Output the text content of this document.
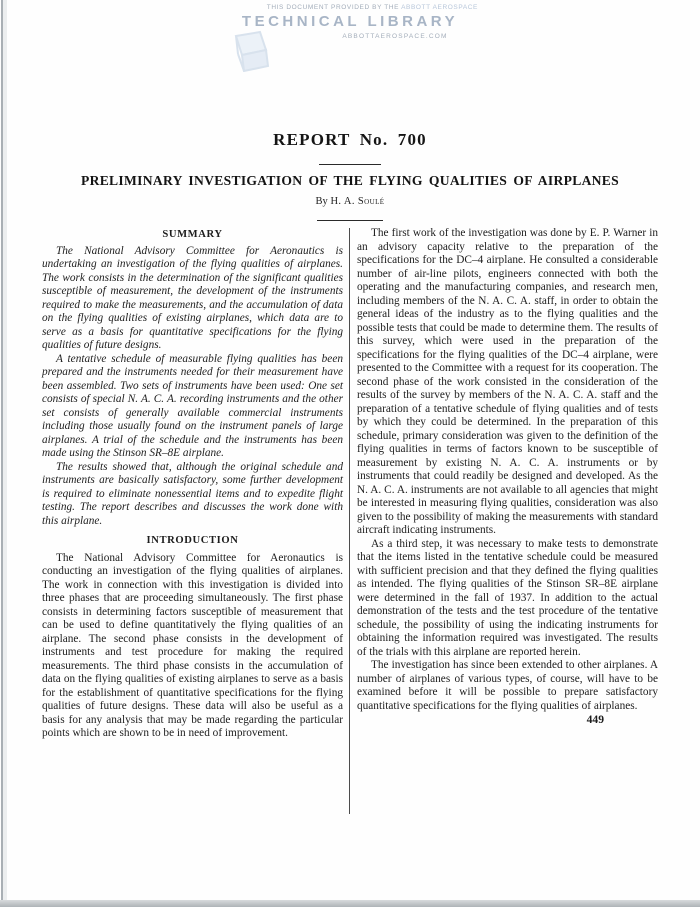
THIS DOCUMENT PROVIDED BY THE ABBOTT AEROSPACE
TECHNICAL LIBRARY
ABBOTTAEROSPACE.COM
REPORT No. 700
PRELIMINARY INVESTIGATION OF THE FLYING QUALITIES OF AIRPLANES
By H. A. Soulé

SUMMARY

The National Advisory Committee for Aeronautics is undertaking an investigation of the flying qualities of airplanes. The work consists in the determination of the significant qualities susceptible of measurement, the development of the instruments required to make the measurements, and the accumulation of data on the flying qualities of existing airplanes, which data are to serve as a basis for quantitative specifications for the flying qualities of future designs.

A tentative schedule of measurable flying qualities has been prepared and the instruments needed for their measurement have been assembled. Two sets of instruments have been used: One set consists of special N. A. C. A. recording instruments and the other set consists of generally available commercial instruments including those usually found on the instrument panels of large airplanes. A trial of the schedule and the instruments has been made using the Stinson SR–8E airplane.

The results showed that, although the original schedule and instruments are basically satisfactory, some further development is required to eliminate nonessential items and to expedite flight testing. The report describes and discusses the work done with this airplane.

INTRODUCTION

The National Advisory Committee for Aeronautics is conducting an investigation of the flying qualities of airplanes. The work in connection with this investigation is divided into three phases that are proceeding simultaneously. The first phase consists in determining factors susceptible of measurement that can be used to define quantitatively the flying qualities of an airplane. The second phase consists in the development of instruments and test procedure for making the required measurements. The third phase consists in the accumulation of data on the flying qualities of existing airplanes to serve as a basis for the establishment of quantitative specifications for the flying qualities of future designs. These data will also be useful as a basis for any analysis that may be made regarding the particular points which are shown to be in need of improvement.

The first work of the investigation was done by E. P. Warner in an advisory capacity relative to the preparation of the specifications for the DC–4 airplane. He consulted a considerable number of air-line pilots, engineers connected with both the operating and the manufacturing companies, and research men, including members of the N. A. C. A. staff, in order to obtain the general ideas of the industry as to the flying qualities and the possible tests that could be made to determine them. The results of this survey, which were used in the preparation of the specifications for the flying qualities of the DC–4 airplane, were presented to the Committee with a request for its cooperation. The second phase of the work consisted in the consideration of the results of the survey by members of the N. A. C. A. staff and the preparation of a tentative schedule of flying qualities and of tests by which they could be determined. In the preparation of this schedule, primary consideration was given to the definition of the flying qualities in terms of factors known to be susceptible of measurement by existing N. A. C. A. instruments or by instruments that could readily be designed and developed. As the N. A. C. A. instruments are not available to all agencies that might be interested in measuring flying qualities, consideration was also given to the possibility of making the measurements with standard aircraft indicating instruments.

As a third step, it was necessary to make tests to demonstrate that the items listed in the tentative schedule could be measured with sufficient precision and that they defined the flying qualities as intended. The flying qualities of the Stinson SR–8E airplane were determined in the fall of 1937. In addition to the actual demonstration of the tests and the test procedure of the tentative schedule, the possibility of using the indicating instruments for obtaining the information required was investigated. The results of the trials with this airplane are reported herein.

The investigation has since been extended to other airplanes. A number of airplanes of various types, of course, will have to be examined before it will be possible to prepare satisfactory quantitative specifications for the flying qualities of airplanes.

449
